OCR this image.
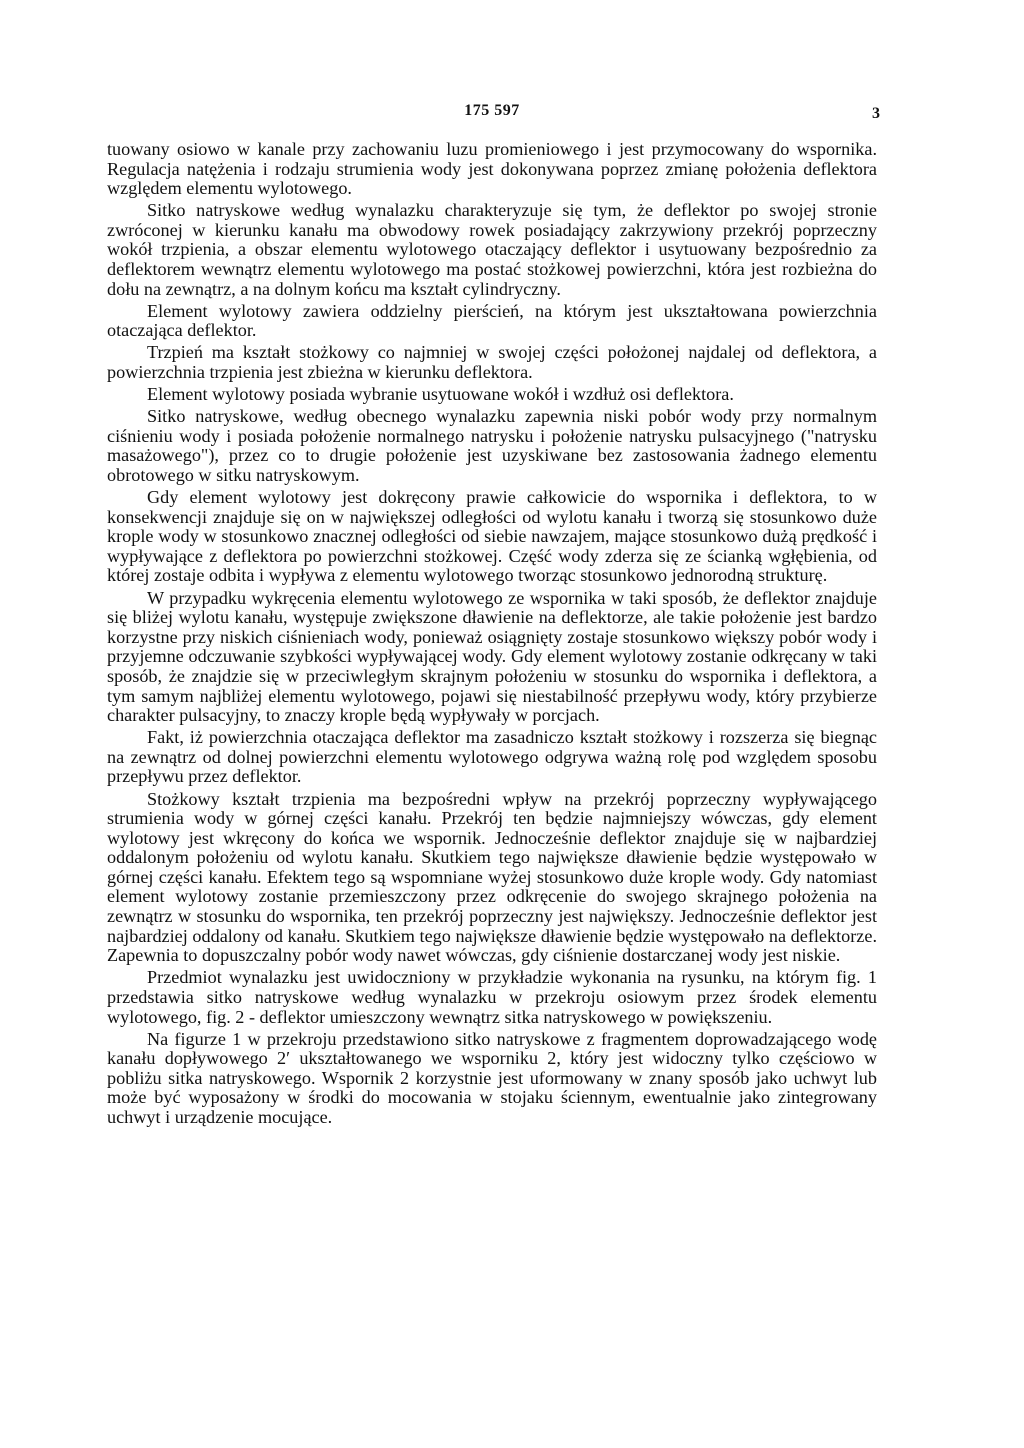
175 597	3

tuowany osiowo w kanale przy zachowaniu luzu promieniowego i jest przymocowany do wspornika. Regulacja natężenia i rodzaju strumienia wody jest dokonywana poprzez zmianę położenia deflektora względem elementu wylotowego.

Sitko natryskowe według wynalazku charakteryzuje się tym, że deflektor po swojej stronie zwróconej w kierunku kanału ma obwodowy rowek posiadający zakrzywiony przekrój poprzeczny wokół trzpienia, a obszar elementu wylotowego otaczający deflektor i usytuowany bezpośrednio za deflektorem wewnątrz elementu wylotowego ma postać stożkowej powierzchni, która jest rozbieżna do dołu na zewnątrz, a na dolnym końcu ma kształt cylindryczny.

Element wylotowy zawiera oddzielny pierścień, na którym jest ukształtowana powierzchnia otaczająca deflektor.

Trzpień ma kształt stożkowy co najmniej w swojej części położonej najdalej od deflektora, a powierzchnia trzpienia jest zbieżna w kierunku deflektora.

Element wylotowy posiada wybranie usytuowane wokół i wzdłuż osi deflektora.

Sitko natryskowe, według obecnego wynalazku zapewnia niski pobór wody przy normalnym ciśnieniu wody i posiada położenie normalnego natrysku i położenie natrysku pulsacyjnego ("natrysku masażowego"), przez co to drugie położenie jest uzyskiwane bez zastosowania żadnego elementu obrotowego w sitku natryskowym.

Gdy element wylotowy jest dokręcony prawie całkowicie do wspornika i deflektora, to w konsekwencji znajduje się on w największej odległości od wylotu kanału i tworzą się stosunkowo duże krople wody w stosunkowo znacznej odległości od siebie nawzajem, mające stosunkowo dużą prędkość i wypływające z deflektora po powierzchni stożkowej. Część wody zderza się ze ścianką wgłębienia, od której zostaje odbita i wypływa z elementu wylotowego tworząc stosunkowo jednorodną strukturę.

W przypadku wykręcenia elementu wylotowego ze wspornika w taki sposób, że deflektor znajduje się bliżej wylotu kanału, występuje zwiększone dławienie na deflektorze, ale takie położenie jest bardzo korzystne przy niskich ciśnieniach wody, ponieważ osiągnięty zostaje stosunkowo większy pobór wody i przyjemne odczuwanie szybkości wypływającej wody. Gdy element wylotowy zostanie odkręcany w taki sposób, że znajdzie się w przeciwległym skrajnym położeniu w stosunku do wspornika i deflektora, a tym samym najbliżej elementu wylotowego, pojawi się niestabilność przepływu wody, który przybierze charakter pulsacyjny, to znaczy krople będą wypływały w porcjach.

Fakt, iż powierzchnia otaczająca deflektor ma zasadniczo kształt stożkowy i rozszerza się biegnąc na zewnątrz od dolnej powierzchni elementu wylotowego odgrywa ważną rolę pod względem sposobu przepływu przez deflektor.

Stożkowy kształt trzpienia ma bezpośredni wpływ na przekrój poprzeczny wypływającego strumienia wody w górnej części kanału. Przekrój ten będzie najmniejszy wówczas, gdy element wylotowy jest wkręcony do końca we wspornik. Jednocześnie deflektor znajduje się w najbardziej oddalonym położeniu od wylotu kanału. Skutkiem tego największe dławienie będzie występowało w górnej części kanału. Efektem tego są wspomniane wyżej stosunkowo duże krople wody. Gdy natomiast element wylotowy zostanie przemieszczony przez odkręcenie do swojego skrajnego położenia na zewnątrz w stosunku do wspornika, ten przekrój poprzeczny jest największy. Jednocześnie deflektor jest najbardziej oddalony od kanału. Skutkiem tego największe dławienie będzie występowało na deflektorze. Zapewnia to dopuszczalny pobór wody nawet wówczas, gdy ciśnienie dostarczanej wody jest niskie.

Przedmiot wynalazku jest uwidoczniony w przykładzie wykonania na rysunku, na którym fig. 1 przedstawia sitko natryskowe według wynalazku w przekroju osiowym przez środek elementu wylotowego, fig. 2 - deflektor umieszczony wewnątrz sitka natryskowego w powiększeniu.

Na figurze 1 w przekroju przedstawiono sitko natryskowe z fragmentem doprowadzającego wodę kanału dopływowego 2′ ukształtowanego we wsporniku 2, który jest widoczny tylko częściowo w pobliżu sitka natryskowego. Wspornik 2 korzystnie jest uformowany w znany sposób jako uchwyt lub może być wyposażony w środki do mocowania w stojaku ściennym, ewentualnie jako zintegrowany uchwyt i urządzenie mocujące.
